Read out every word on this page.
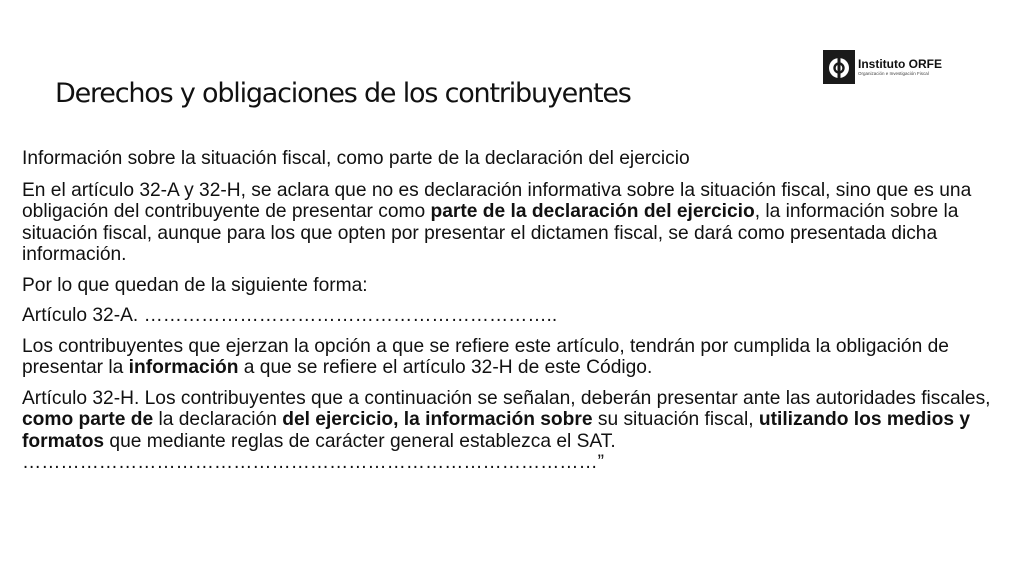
Instituto ORFE
Organización e Investigación Fiscal
Derechos y obligaciones de los contribuyentes

Información sobre la situación fiscal, como parte de la declaración del ejercicio

En el artículo 32-A y 32-H, se aclara que no es declaración informativa sobre la situación fiscal, sino que es una obligación del contribuyente de presentar como parte de la declaración del ejercicio, la información sobre la situación fiscal, aunque para los que opten por presentar el dictamen fiscal, se dará como presentada dicha información.

Por lo que quedan de la siguiente forma:

Artículo 32-A. ………………………………………………………..

Los contribuyentes que ejerzan la opción a que se refiere este artículo, tendrán por cumplida la obligación de presentar la información a que se refiere el artículo 32-H de este Código.

Artículo 32-H. Los contribuyentes que a continuación se señalan, deberán presentar ante las autoridades fiscales, como parte de la declaración del ejercicio, la información sobre su situación fiscal, utilizando los medios y formatos que mediante reglas de carácter general establezca el SAT. ………………………………………………………………………………”
